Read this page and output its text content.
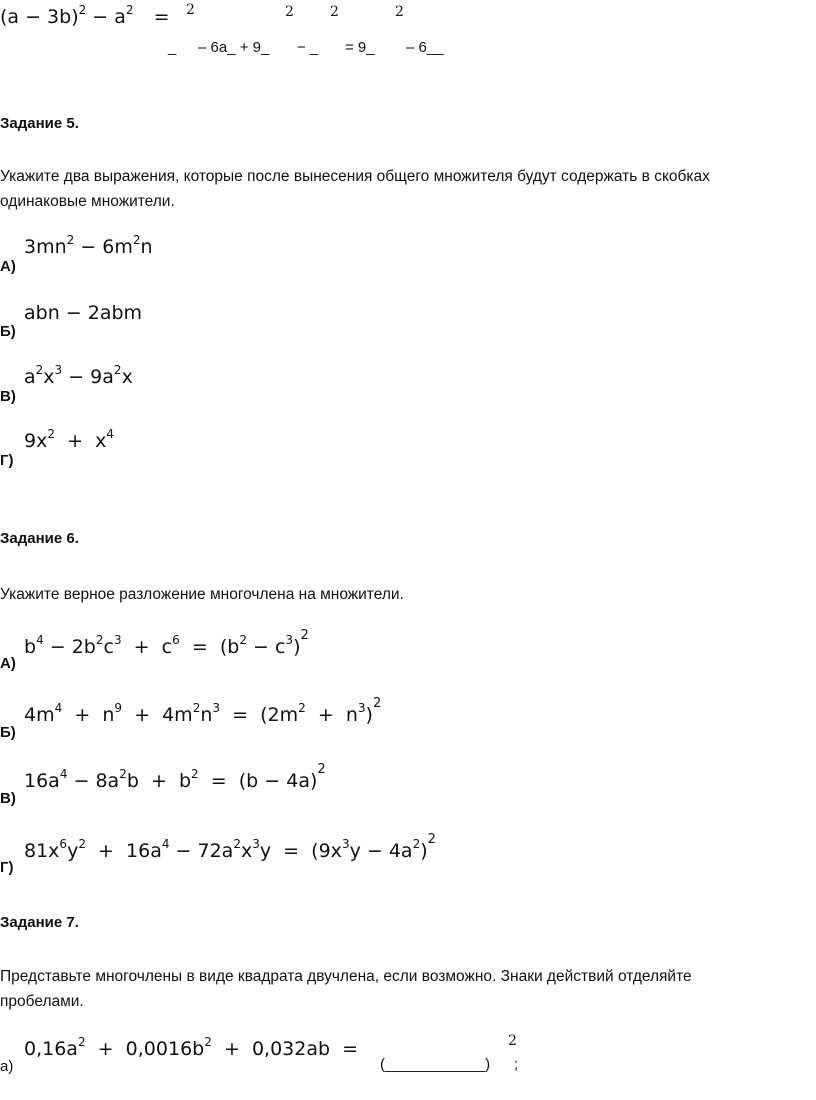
$(a - 3b)^2 - a^2 = 2$	2	2	2
_ – 6a_ + 9_ − _ = 9_ – 6__
Задание 5.
Укажите два выражения, которые после вынесения общего множителя будут содержать в скобках
одинаковые множители.
$3mn^2 - 6m^2n$
А)
abn − 2abm
Б)
$a^2x^3 - 9a^2x$
В)
$9x^2 + x^4$
Г)
Задание 6.
Укажите верное разложение многочлена на множители.
$b^4 - 2b^2c^3 + c^6 = (b^2 - c^3)^2$
А)
$4m^4 + n^9 + 4m^2n^3 = (2m^2 + n^3)^2$
Б)
$16a^4 - 8a^2b + b^2 = (b - 4a)^2$
В)
$81x^6y^2 + 16a^4 - 72a^2x^3y = (9x^3y - 4a^2)^2$
Г)
Задание 7.
Представьте многочлены в виде квадрата двучлена, если возможно. Знаки действий отделяйте
пробелами.
$0,16a^2 + 0,0016b^2 + 0,032ab$  =
а)	(____________)
2
;
